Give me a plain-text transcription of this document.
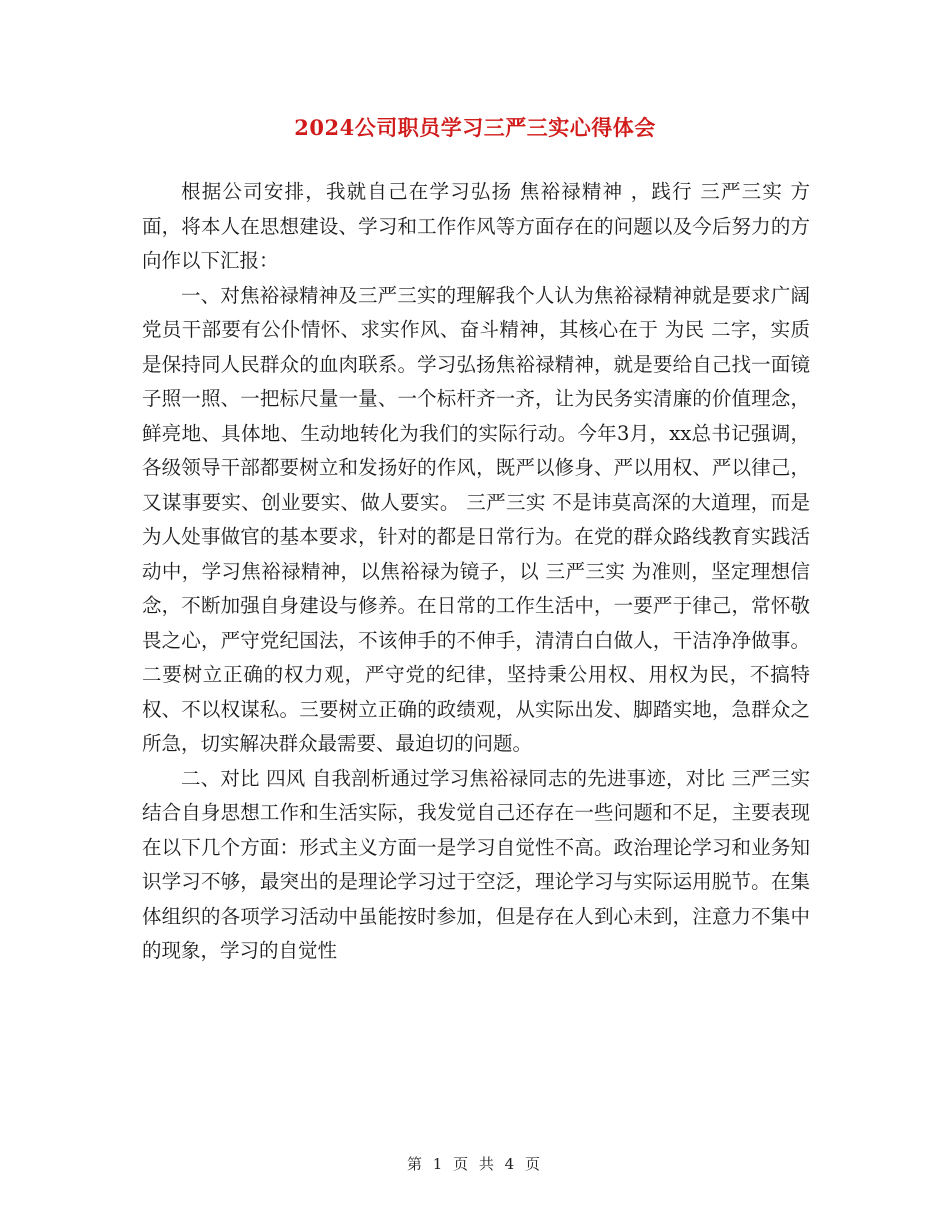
2024公司职员学习三严三实心得体会

根据公司安排，我就自己在学习弘扬 焦裕禄精神 ，践行 三严三实 方面，将本人在思想建设、学习和工作作风等方面存在的问题以及今后努力的方向作以下汇报：

一、对焦裕禄精神及三严三实的理解我个人认为焦裕禄精神就是要求广阔党员干部要有公仆情怀、求实作风、奋斗精神，其核心在于 为民 二字，实质是保持同人民群众的血肉联系。学习弘扬焦裕禄精神，就是要给自己找一面镜子照一照、一把标尺量一量、一个标杆齐一齐，让为民务实清廉的价值理念，鲜亮地、具体地、生动地转化为我们的实际行动。今年3月，xx总书记强调，各级领导干部都要树立和发扬好的作风，既严以修身、严以用权、严以律己，又谋事要实、创业要实、做人要实。 三严三实 不是讳莫高深的大道理，而是为人处事做官的基本要求，针对的都是日常行为。在党的群众路线教育实践活动中，学习焦裕禄精神，以焦裕禄为镜子，以 三严三实 为准则，坚定理想信念，不断加强自身建设与修养。在日常的工作生活中，一要严于律己，常怀敬畏之心，严守党纪国法，不该伸手的不伸手，清清白白做人，干洁净净做事。二要树立正确的权力观，严守党的纪律，坚持秉公用权、用权为民，不搞特权、不以权谋私。三要树立正确的政绩观，从实际出发、脚踏实地，急群众之所急，切实解决群众最需要、最迫切的问题。

二、对比 四风 自我剖析通过学习焦裕禄同志的先进事迹，对比 三严三实 结合自身思想工作和生活实际，我发觉自己还存在一些问题和不足，主要表现在以下几个方面：形式主义方面一是学习自觉性不高。政治理论学习和业务知识学习不够，最突出的是理论学习过于空泛，理论学习与实际运用脱节。在集体组织的各项学习活动中虽能按时参加，但是存在人到心未到，注意力不集中的现象，学习的自觉性

第 1 页 共 4 页
